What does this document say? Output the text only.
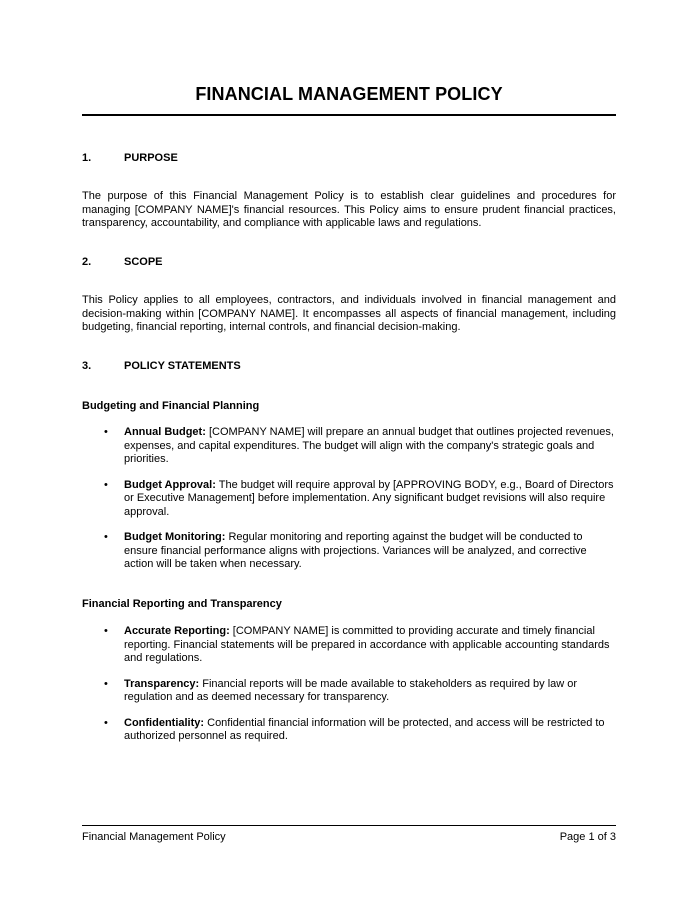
FINANCIAL MANAGEMENT POLICY
1.	PURPOSE

The purpose of this Financial Management Policy is to establish clear guidelines and procedures for managing [COMPANY NAME]'s financial resources. This Policy aims to ensure prudent financial practices, transparency, accountability, and compliance with applicable laws and regulations.

2.	SCOPE

This Policy applies to all employees, contractors, and individuals involved in financial management and decision-making within [COMPANY NAME]. It encompasses all aspects of financial management, including budgeting, financial reporting, internal controls, and financial decision-making.

3.	POLICY STATEMENTS
Budgeting and Financial Planning
• Annual Budget: [COMPANY NAME] will prepare an annual budget that outlines projected revenues, expenses, and capital expenditures. The budget will align with the company's strategic goals and priorities.
• Budget Approval: The budget will require approval by [APPROVING BODY, e.g., Board of Directors or Executive Management] before implementation. Any significant budget revisions will also require approval.
• Budget Monitoring: Regular monitoring and reporting against the budget will be conducted to ensure financial performance aligns with projections. Variances will be analyzed, and corrective action will be taken when necessary.
Financial Reporting and Transparency
• Accurate Reporting: [COMPANY NAME] is committed to providing accurate and timely financial reporting. Financial statements will be prepared in accordance with applicable accounting standards and regulations.
• Transparency: Financial reports will be made available to stakeholders as required by law or regulation and as deemed necessary for transparency.
• Confidentiality: Confidential financial information will be protected, and access will be restricted to authorized personnel as required.
Financial Management Policy	Page 1 of 3
